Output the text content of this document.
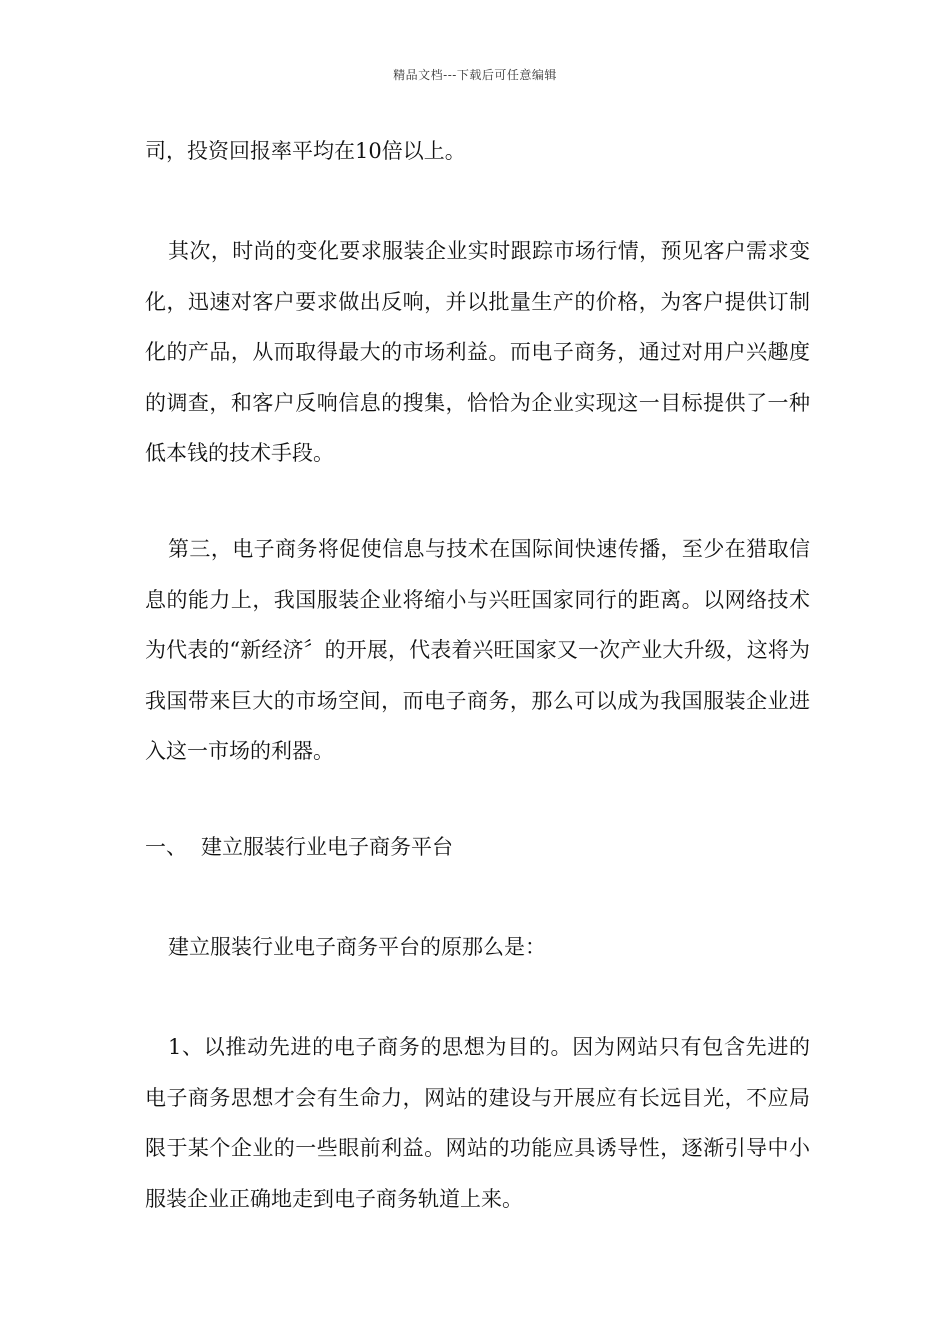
精品文档---下载后可任意编辑

司，投资回报率平均在10倍以上。

其次，时尚的变化要求服装企业实时跟踪市场行情，预见客户需求变化，迅速对客户要求做出反响，并以批量生产的价格，为客户提供订制化的产品，从而取得最大的市场利益。而电子商务，通过对用户兴趣度的调查，和客户反响信息的搜集，恰恰为企业实现这一目标提供了一种低本钱的技术手段。

第三，电子商务将促使信息与技术在国际间快速传播，至少在猎取信息的能力上，我国服装企业将缩小与兴旺国家同行的距离。以网络技术为代表的“新经济〞的开展，代表着兴旺国家又一次产业大升级，这将为我国带来巨大的市场空间，而电子商务，那么可以成为我国服装企业进入这一市场的利器。

一、 建立服装行业电子商务平台

建立服装行业电子商务平台的原那么是：

1、以推动先进的电子商务的思想为目的。因为网站只有包含先进的电子商务思想才会有生命力，网站的建设与开展应有长远目光，不应局限于某个企业的一些眼前利益。网站的功能应具诱导性，逐渐引导中小服装企业正确地走到电子商务轨道上来。
